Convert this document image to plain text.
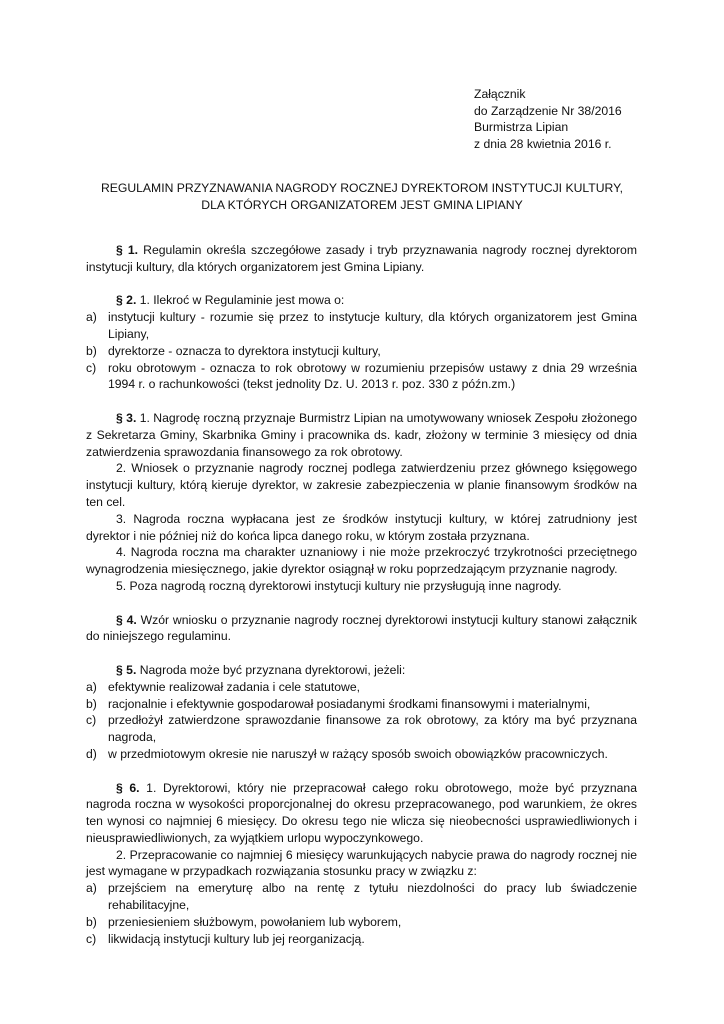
Załącznik
do Zarządzenie Nr 38/2016
Burmistrza Lipian
z dnia 28 kwietnia 2016 r.
REGULAMIN PRZYZNAWANIA NAGRODY ROCZNEJ DYREKTOROM INSTYTUCJI KULTURY,
DLA KTÓRYCH ORGANIZATOREM JEST GMINA LIPIANY

§ 1. Regulamin określa szczegółowe zasady i tryb przyznawania nagrody rocznej dyrektorom instytucji kultury, dla których organizatorem jest Gmina Lipiany.

§ 2. 1. Ilekroć w Regulaminie jest mowa o:

a) instytucji kultury - rozumie się przez to instytucje kultury, dla których organizatorem jest Gmina Lipiany,
b) dyrektorze - oznacza to dyrektora instytucji kultury,
c) roku obrotowym - oznacza to rok obrotowy w rozumieniu przepisów ustawy z dnia 29 września 1994 r. o rachunkowości (tekst jednolity Dz. U. 2013 r. poz. 330 z późn.zm.)

§ 3. 1. Nagrodę roczną przyznaje Burmistrz Lipian na umotywowany wniosek Zespołu złożonego z Sekretarza Gminy, Skarbnika Gminy i pracownika ds. kadr, złożony w terminie 3 miesięcy od dnia zatwierdzenia sprawozdania finansowego za rok obrotowy.

2. Wniosek o przyznanie nagrody rocznej podlega zatwierdzeniu przez głównego księgowego instytucji kultury, którą kieruje dyrektor, w zakresie zabezpieczenia w planie finansowym środków na ten cel.

3. Nagroda roczna wypłacana jest ze środków instytucji kultury, w której zatrudniony jest dyrektor i nie później niż do końca lipca danego roku, w którym została przyznana.

4. Nagroda roczna ma charakter uznaniowy i nie może przekroczyć trzykrotności przeciętnego wynagrodzenia miesięcznego, jakie dyrektor osiągnął w roku poprzedzającym przyznanie nagrody.

5. Poza nagrodą roczną dyrektorowi instytucji kultury nie przysługują inne nagrody.

§ 4. Wzór wniosku o przyznanie nagrody rocznej dyrektorowi instytucji kultury stanowi załącznik do niniejszego regulaminu.

§ 5. Nagroda może być przyznana dyrektorowi, jeżeli:

a) efektywnie realizował zadania i cele statutowe,
b) racjonalnie i efektywnie gospodarował posiadanymi środkami finansowymi i materialnymi,
c) przedłożył zatwierdzone sprawozdanie finansowe za rok obrotowy, za który ma być przyznana nagroda,
d) w przedmiotowym okresie nie naruszył w rażący sposób swoich obowiązków pracowniczych.

§ 6. 1. Dyrektorowi, który nie przepracował całego roku obrotowego, może być przyznana nagroda roczna w wysokości proporcjonalnej do okresu przepracowanego, pod warunkiem, że okres ten wynosi co najmniej 6 miesięcy. Do okresu tego nie wlicza się nieobecności usprawiedliwionych i nieusprawiedliwionych, za wyjątkiem urlopu wypoczynkowego.

2. Przepracowanie co najmniej 6 miesięcy warunkujących nabycie prawa do nagrody rocznej nie jest wymagane w przypadkach rozwiązania stosunku pracy w związku z:

a) przejściem na emeryturę albo na rentę z tytułu niezdolności do pracy lub świadczenie rehabilitacyjne,
b) przeniesieniem służbowym, powołaniem lub wyborem,
c) likwidacją instytucji kultury lub jej reorganizacją.
